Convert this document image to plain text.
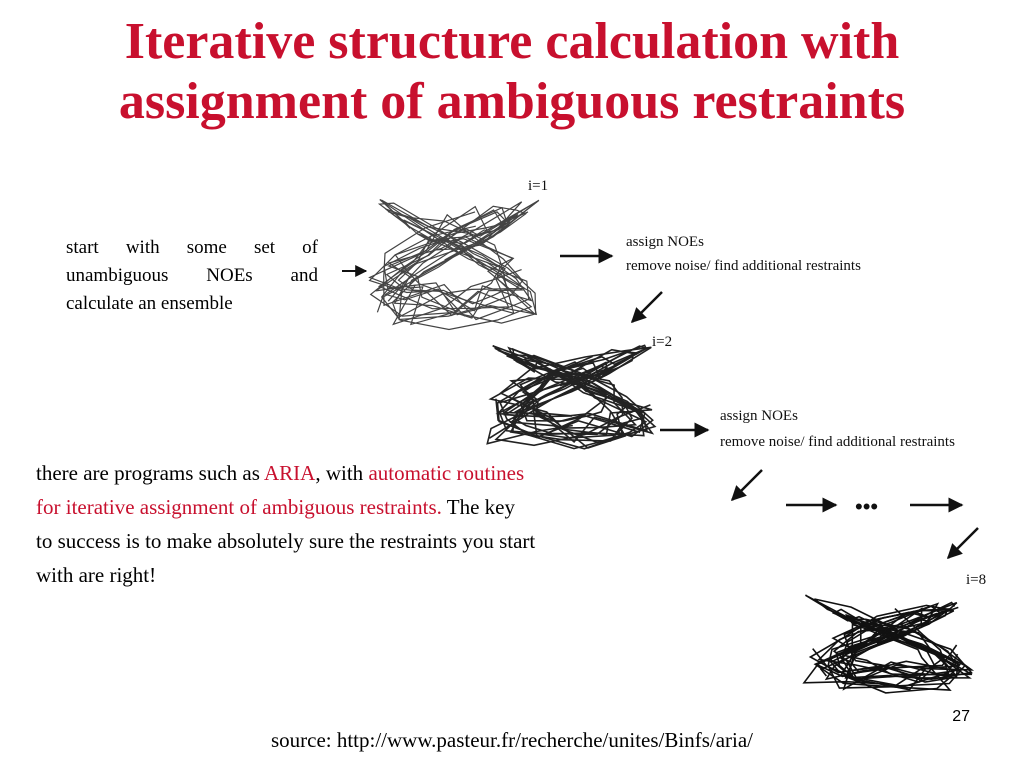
Iterative structure calculation with
assignment of ambiguous restraints
start with some set of unambiguous NOEs and calculate an ensemble
i=1
i=2
i=8
assign NOEs
remove noise/ find additional restraints
assign NOEs
remove noise/ find additional restraints
•••
there are programs such as ARIA, with automatic routines for iterative assignment of ambiguous restraints. The key to success is to make absolutely sure the restraints you start with are right!
27
source: http://www.pasteur.fr/recherche/unites/Binfs/aria/
